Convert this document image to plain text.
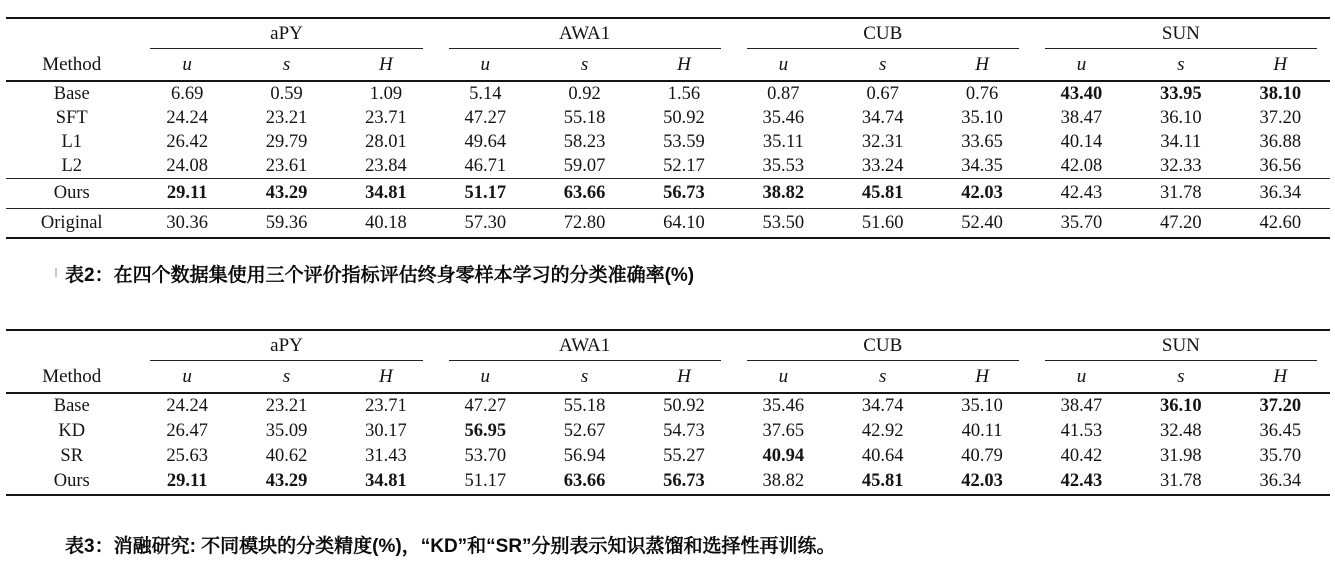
	aPY			AWA1			CUB			SUN		

Method	u	s	H	u	s	H	u	s	H	u	s	H
Base	6.69	0.59	1.09	5.14	0.92	1.56	0.87	0.67	0.76	43.40	33.95	38.10
SFT	24.24	23.21	23.71	47.27	55.18	50.92	35.46	34.74	35.10	38.47	36.10	37.20
L1	26.42	29.79	28.01	49.64	58.23	53.59	35.11	32.31	33.65	40.14	34.11	36.88
L2	24.08	23.61	23.84	46.71	59.07	52.17	35.53	33.24	34.35	42.08	32.33	36.56
Ours	29.11	43.29	34.81	51.17	63.66	56.73	38.82	45.81	42.03	42.43	31.78	36.34
Original	30.36	59.36	40.18	57.30	72.80	64.10	53.50	51.60	52.40	35.70	47.20	42.60
表2：在四个数据集使用三个评价指标评估终身零样本学习的分类准确率(%)

	aPY			AWA1			CUB			SUN		

Method	u	s	H	u	s	H	u	s	H	u	s	H
Base	24.24	23.21	23.71	47.27	55.18	50.92	35.46	34.74	35.10	38.47	36.10	37.20
KD	26.47	35.09	30.17	56.95	52.67	54.73	37.65	42.92	40.11	41.53	32.48	36.45
SR	25.63	40.62	31.43	53.70	56.94	55.27	40.94	40.64	40.79	40.42	31.98	35.70
Ours	29.11	43.29	34.81	51.17	63.66	56.73	38.82	45.81	42.03	42.43	31.78	36.34
表3：消融研究: 不同模块的分类精度(%)，“KD”和“SR”分别表示知识蒸馏和选择性再训练。
